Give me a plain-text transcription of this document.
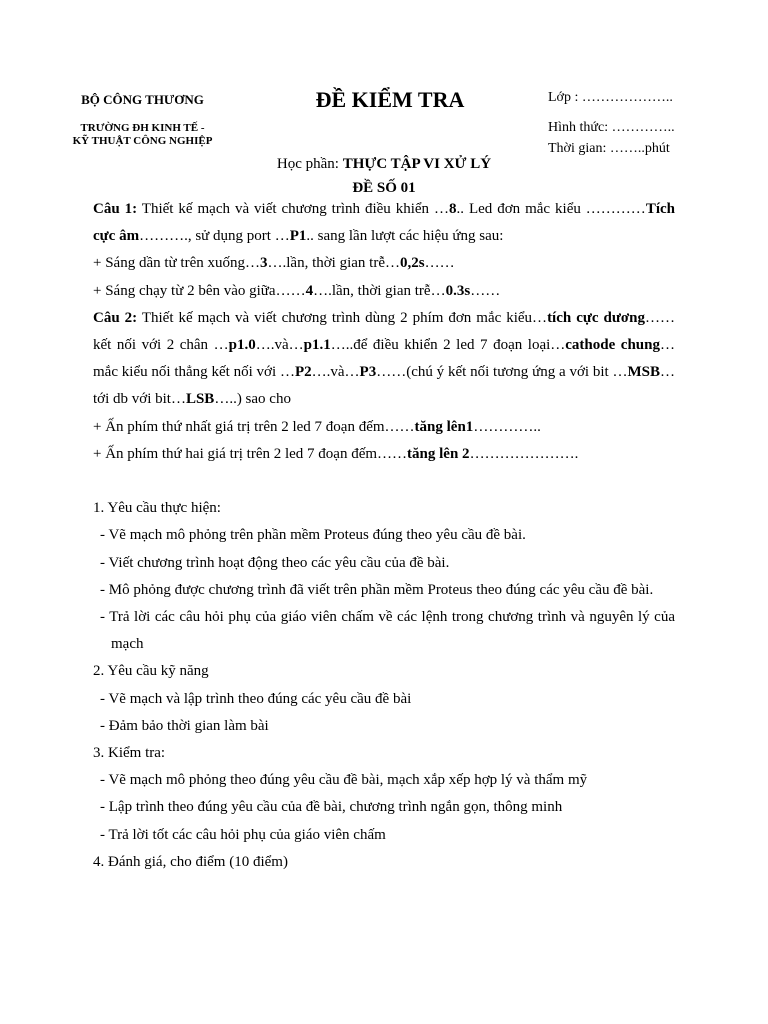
BỘ CÔNG THƯƠNG
TRƯỜNG ĐH KINH TẾ -
KỸ THUẬT CÔNG NGHIỆP
ĐỀ KIỂM TRA	Lớp : ………………..
Hình thức: …………..
Thời gian: ……..phút
Học phần: THỰC TẬP VI XỬ LÝ
ĐỀ SỐ 01

Câu 1: Thiết kế mạch và viết chương trình điều khiển …8.. Led đơn mắc kiểu …………Tích cực âm………., sử dụng port …P1.. sang lần lượt các hiệu ứng sau:

+ Sáng dần từ trên xuống…3….lần, thời gian trễ…0,2s……

+ Sáng chạy từ 2 bên vào giữa……4….lần, thời gian trễ…0.3s……

Câu 2: Thiết kế mạch và viết chương trình dùng 2 phím đơn mắc kiểu…tích cực dương…… kết nối với 2 chân …p1.0….và…p1.1…..để điều khiển 2 led 7 đoạn loại…cathode chung… mắc kiểu nối thẳng kết nối với …P2….và…P3……(chú ý kết nối tương ứng a với bit …MSB…tới db với bit…LSB…..) sao cho

+ Ấn phím thứ nhất giá trị trên 2 led 7 đoạn đếm……tăng lên1…………..

+ Ấn phím thứ hai giá trị trên 2 led 7 đoạn đếm……tăng lên 2………………….

1. Yêu cầu thực hiện:

- Vẽ mạch mô phỏng trên phần mềm Proteus đúng theo yêu cầu đề bài.

- Viết chương trình hoạt động theo các yêu cầu của đề bài.

- Mô phỏng được chương trình đã viết trên phần mềm Proteus theo đúng các yêu cầu đề bài.

- Trả lời các câu hỏi phụ của giáo viên chấm về các lệnh trong chương trình và nguyên lý của mạch

2. Yêu cầu kỹ năng

- Vẽ mạch và lập trình theo đúng các yêu cầu đề bài

- Đảm bảo thời gian làm bài

3. Kiểm tra:

- Vẽ mạch mô phỏng theo đúng yêu cầu đề bài, mạch xắp xếp hợp lý và thẩm mỹ

- Lập trình theo đúng yêu cầu của đề bài, chương trình ngắn gọn, thông minh

- Trả lời tốt các câu hỏi phụ của giáo viên chấm

4. Đánh giá, cho điểm (10 điểm)
